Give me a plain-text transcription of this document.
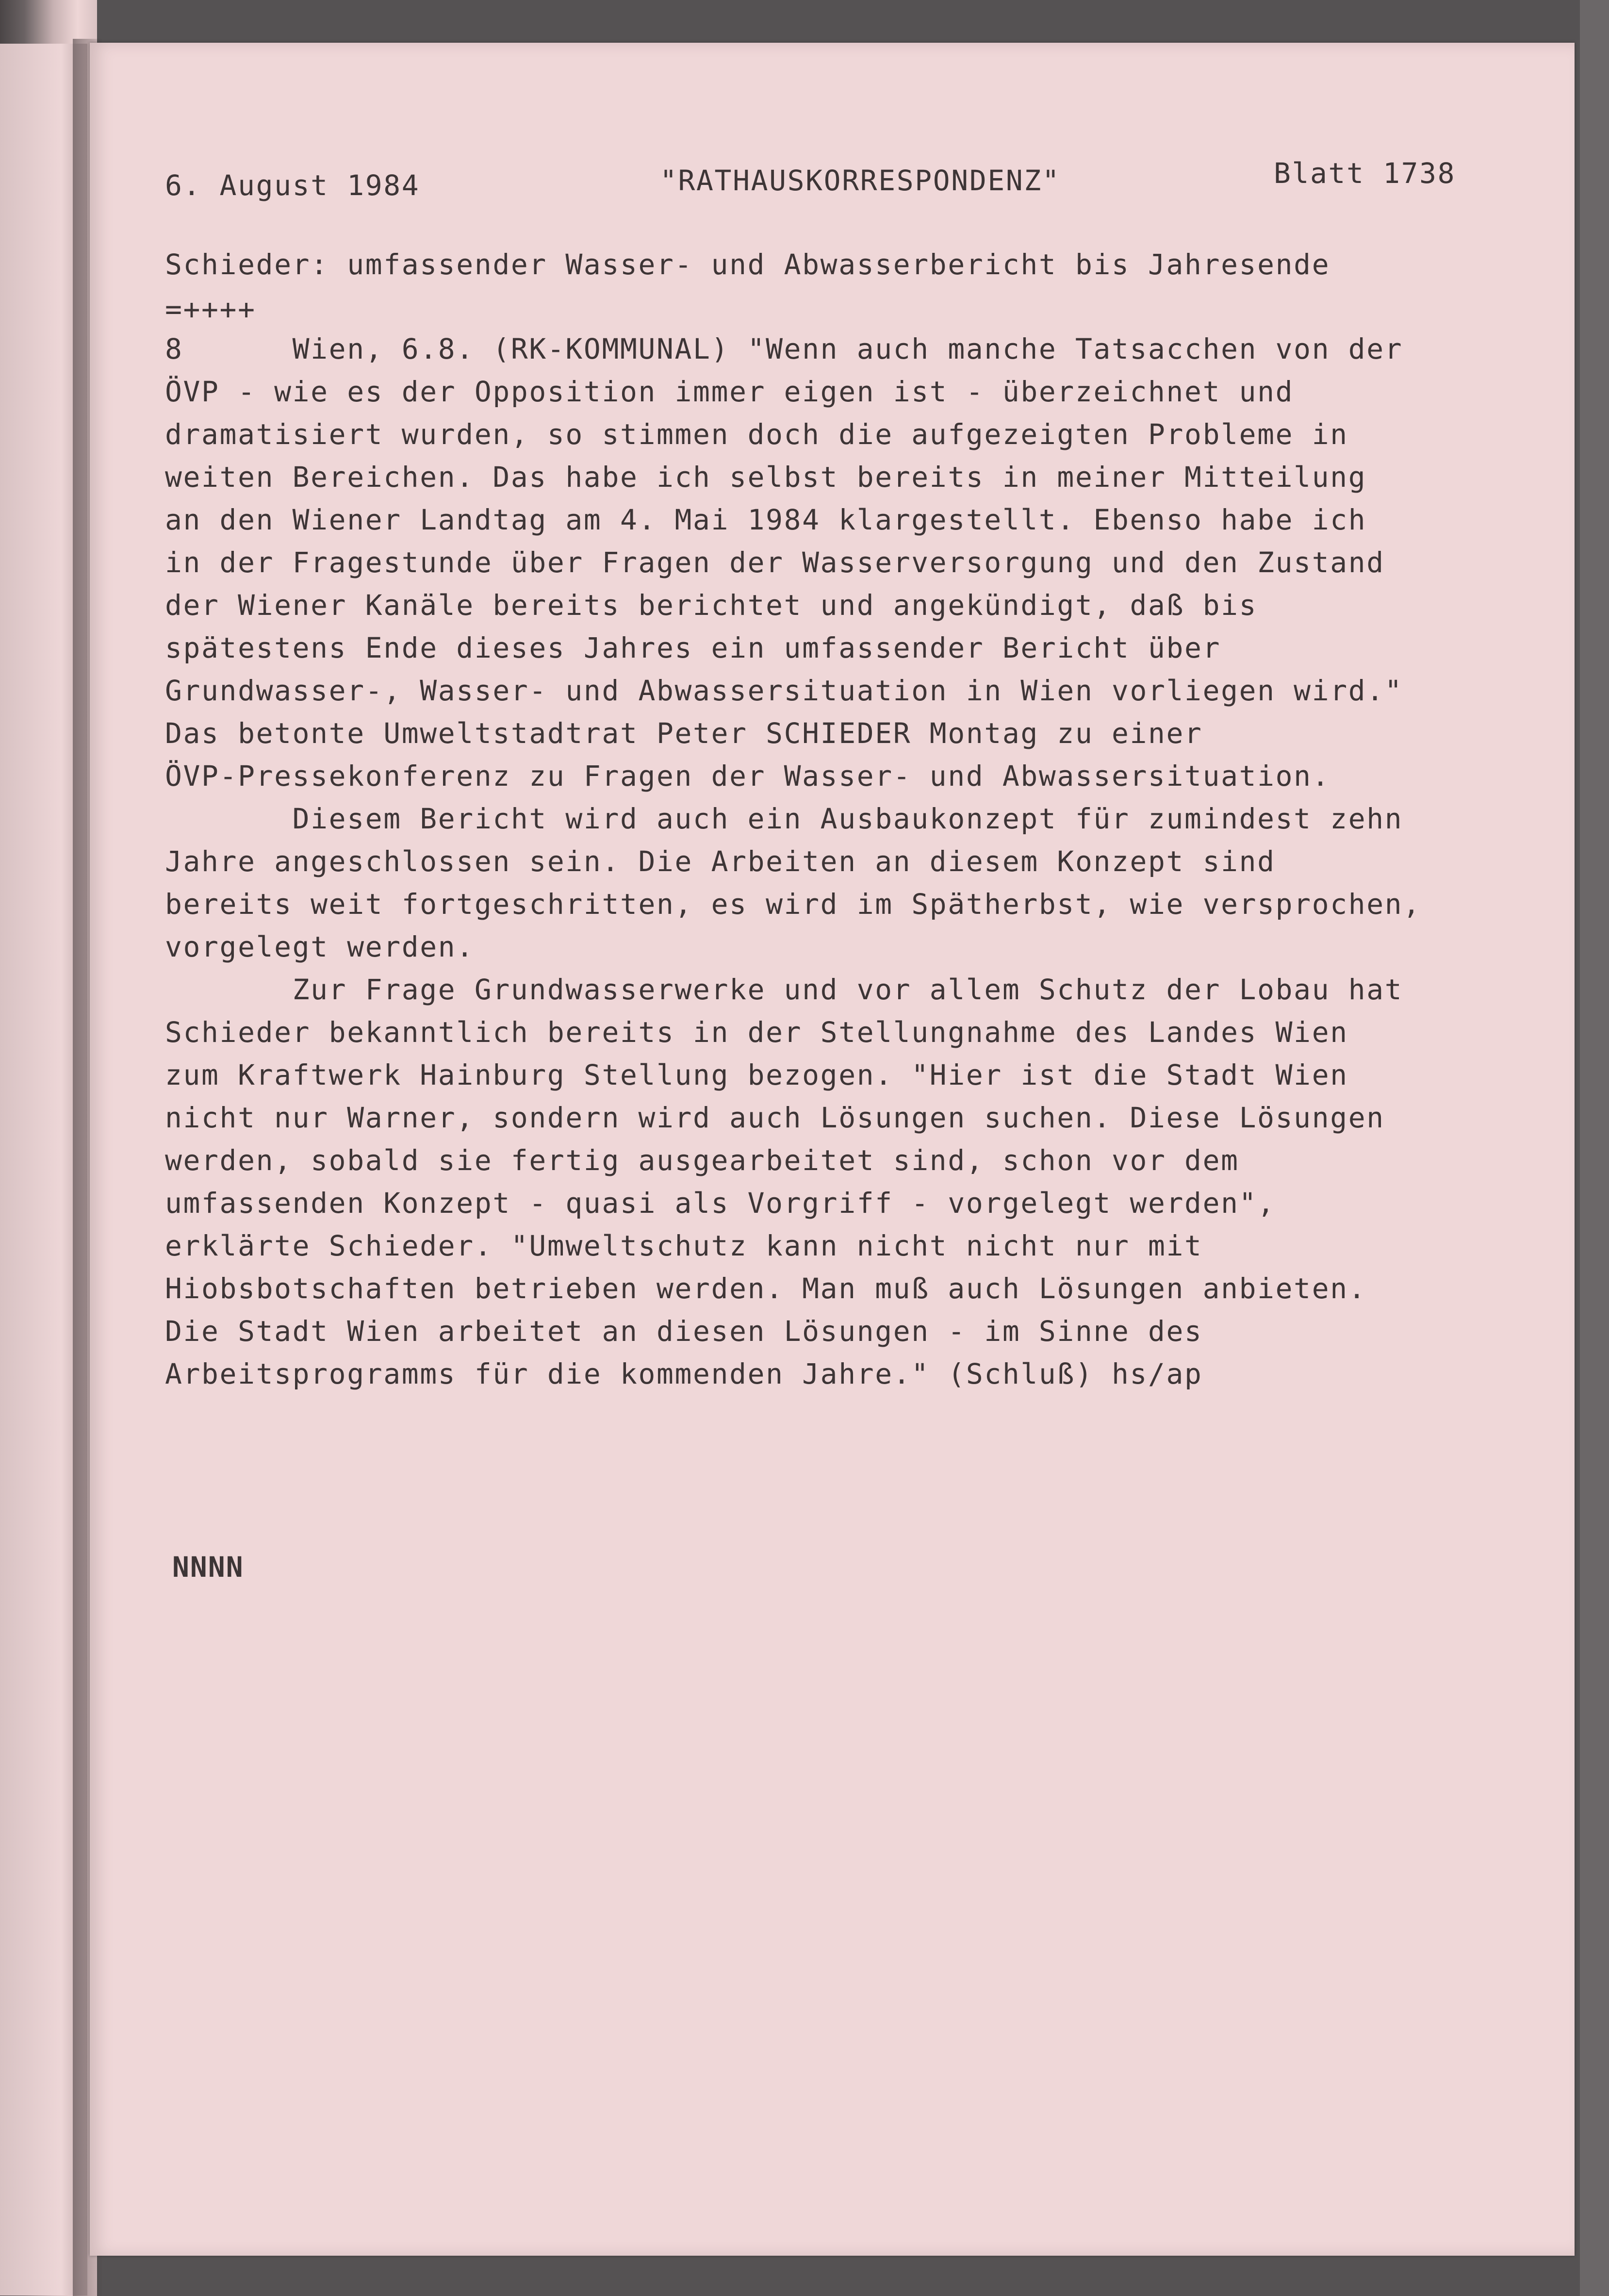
6. August 1984	"RATHAUSKORRESPONDENZ"	Blatt 1738
Schieder: umfassender Wasser- und Abwasserbericht bis Jahresende
=++++
8      Wien, 6.8. (RK-KOMMUNAL) "Wenn auch manche Tatsacchen von der
ÖVP - wie es der Opposition immer eigen ist - überzeichnet und
dramatisiert wurden, so stimmen doch die aufgezeigten Probleme in
weiten Bereichen. Das habe ich selbst bereits in meiner Mitteilung
an den Wiener Landtag am 4. Mai 1984 klargestellt. Ebenso habe ich
in der Fragestunde über Fragen der Wasserversorgung und den Zustand
der Wiener Kanäle bereits berichtet und angekündigt, daß bis
spätestens Ende dieses Jahres ein umfassender Bericht über
Grundwasser-, Wasser- und Abwassersituation in Wien vorliegen wird."
Das betonte Umweltstadtrat Peter SCHIEDER Montag zu einer
ÖVP-Pressekonferenz zu Fragen der Wasser- und Abwassersituation.
Diesem Bericht wird auch ein Ausbaukonzept für zumindest zehn
Jahre angeschlossen sein. Die Arbeiten an diesem Konzept sind
bereits weit fortgeschritten, es wird im Spätherbst, wie versprochen,
vorgelegt werden.
Zur Frage Grundwasserwerke und vor allem Schutz der Lobau hat
Schieder bekanntlich bereits in der Stellungnahme des Landes Wien
zum Kraftwerk Hainburg Stellung bezogen. "Hier ist die Stadt Wien
nicht nur Warner, sondern wird auch Lösungen suchen. Diese Lösungen
werden, sobald sie fertig ausgearbeitet sind, schon vor dem
umfassenden Konzept - quasi als Vorgriff - vorgelegt werden",
erklärte Schieder. "Umweltschutz kann nicht nicht nur mit
Hiobsbotschaften betrieben werden. Man muß auch Lösungen anbieten.
Die Stadt Wien arbeitet an diesen Lösungen - im Sinne des
Arbeitsprogramms für die kommenden Jahre." (Schluß) hs/ap
NNNN
